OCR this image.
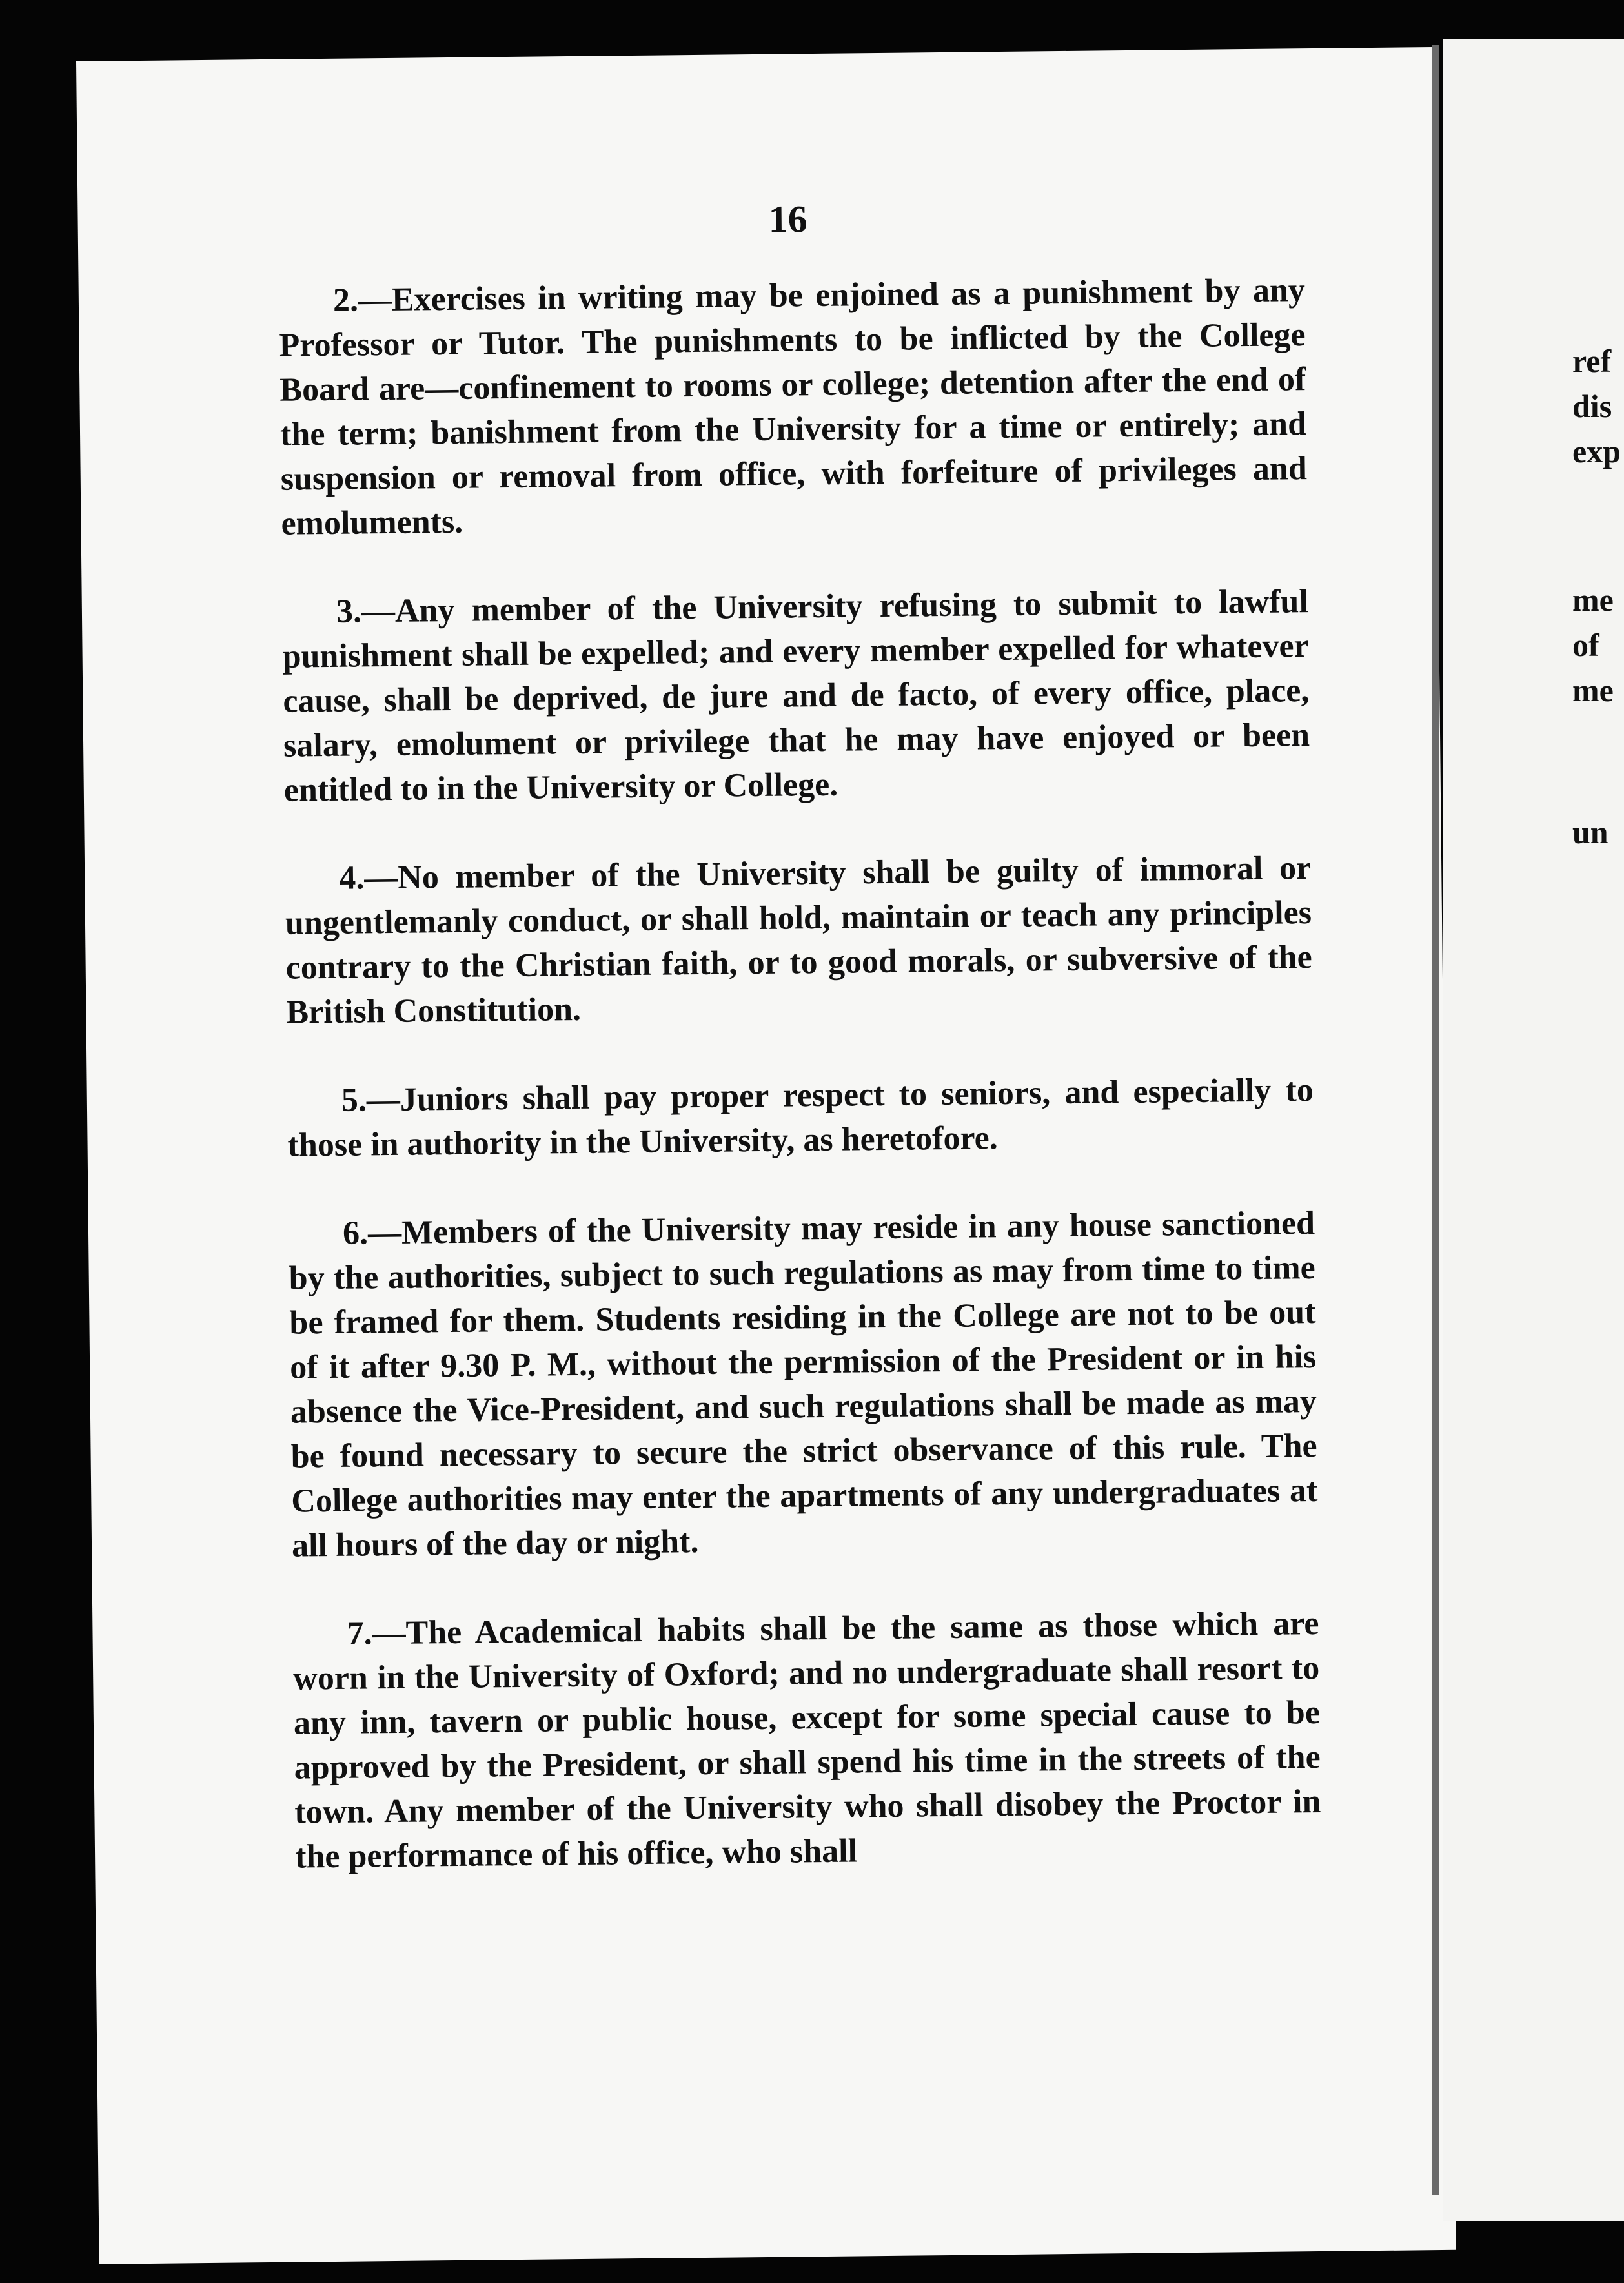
16

2.—Exercises in writing may be enjoined as a punishment by any Professor or Tutor. The punishments to be inflicted by the College Board are—confinement to rooms or college; detention after the end of the term; banishment from the University for a time or entirely; and suspension or removal from office, with forfeiture of privileges and emoluments.

3.—Any member of the University refusing to submit to lawful punishment shall be expelled; and every member expelled for whatever cause, shall be deprived, de jure and de facto, of every office, place, salary, emolument or privilege that he may have enjoyed or been entitled to in the University or College.

4.—No member of the University shall be guilty of immoral or ungentlemanly conduct, or shall hold, maintain or teach any principles contrary to the Christian faith, or to good morals, or subversive of the British Constitution.

5.—Juniors shall pay proper respect to seniors, and especially to those in authority in the University, as heretofore.

6.—Members of the University may reside in any house sanctioned by the authorities, subject to such regulations as may from time to time be framed for them. Students residing in the College are not to be out of it after 9.30 P. M., without the permission of the President or in his absence the Vice-President, and such regulations shall be made as may be found necessary to secure the strict observance of this rule. The College authorities may enter the apartments of any undergraduates at all hours of the day or night.

7.—The Academical habits shall be the same as those which are worn in the University of Oxford; and no undergraduate shall resort to any inn, tavern or public house, except for some special cause to be approved by the President, or shall spend his time in the streets of the town. Any member of the University who shall disobey the Proctor in the performance of his office, who shall

ref
dis
exp
me
of
me
un
